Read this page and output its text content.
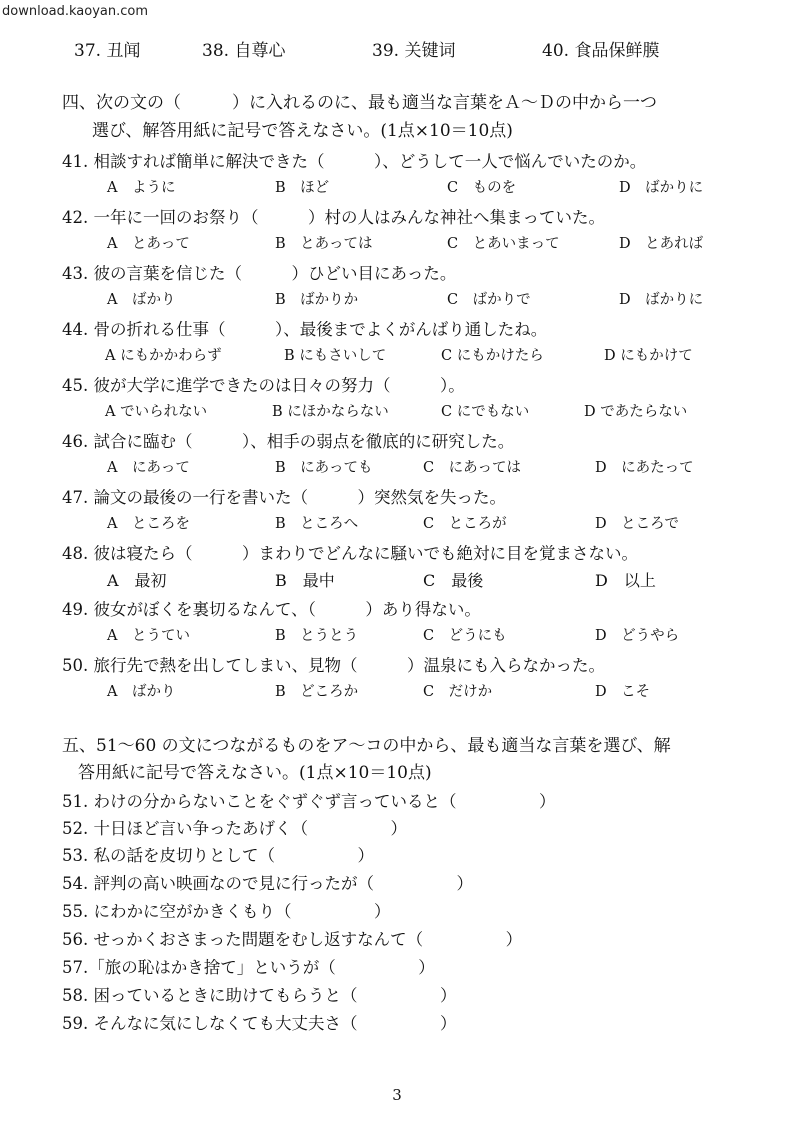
download.kaoyan.com
37. 丑闻	38. 自尊心	39. 关键词	40. 食品保鲜膜
四、次の文の（　　　）に入れるのに、最も適当な言葉をＡ～Ｄの中から一つ
選び、解答用紙に記号で答えなさい。(1点×10＝10点)
41. 相談すれば簡単に解決できた（　　　）、どうして一人で悩んでいたのか。
A　ように	B　ほど	C　ものを	D　ばかりに
42. 一年に一回のお祭り（　　　）村の人はみんな神社へ集まっていた。
A　とあって	B　とあっては	C　とあいまって	D　とあれば
43. 彼の言葉を信じた（　　　）ひどい目にあった。
A　ばかり	B　ばかりか	C　ばかりで	D　ばかりに
44. 骨の折れる仕事（　　　）、最後までよくがんばり通したね。
A にもかかわらず	B にもさいして	C にもかけたら	D にもかけて
45. 彼が大学に進学できたのは日々の努力（　　　）。
A でいられない	B にほかならない	C にでもない	D であたらない
46. 試合に臨む（　　　）、相手の弱点を徹底的に研究した。
A　にあって	B　にあっても	C　にあっては	D　にあたって
47. 論文の最後の一行を書いた（　　　）突然気を失った。
A　ところを	B　ところへ	C　ところが	D　ところで
48. 彼は寝たら（　　　）まわりでどんなに騒いでも絶対に目を覚まさない。
A　最初	B　最中	C　最後	D　以上
49. 彼女がぼくを裏切るなんて、（　　　）あり得ない。
A　とうてい	B　とうとう	C　どうにも	D　どうやら
50. 旅行先で熱を出してしまい、見物（　　　）温泉にも入らなかった。
A　ばかり	B　どころか	C　だけか	D　こそ
五、51～60 の文につながるものをア～コの中から、最も適当な言葉を選び、解
答用紙に記号で答えなさい。(1点×10＝10点)
51. わけの分からないことをぐずぐず言っていると（　　　　　）
52. 十日ほど言い争ったあげく（　　　　　）
53. 私の話を皮切りとして（　　　　　）
54. 評判の高い映画なので見に行ったが（　　　　　）
55. にわかに空がかきくもり（　　　　　）
56. せっかくおさまった問題をむし返すなんて（　　　　　）
57.「旅の恥はかき捨て」というが（　　　　　）
58. 困っているときに助けてもらうと（　　　　　）
59. そんなに気にしなくても大丈夫さ（　　　　　）
3
